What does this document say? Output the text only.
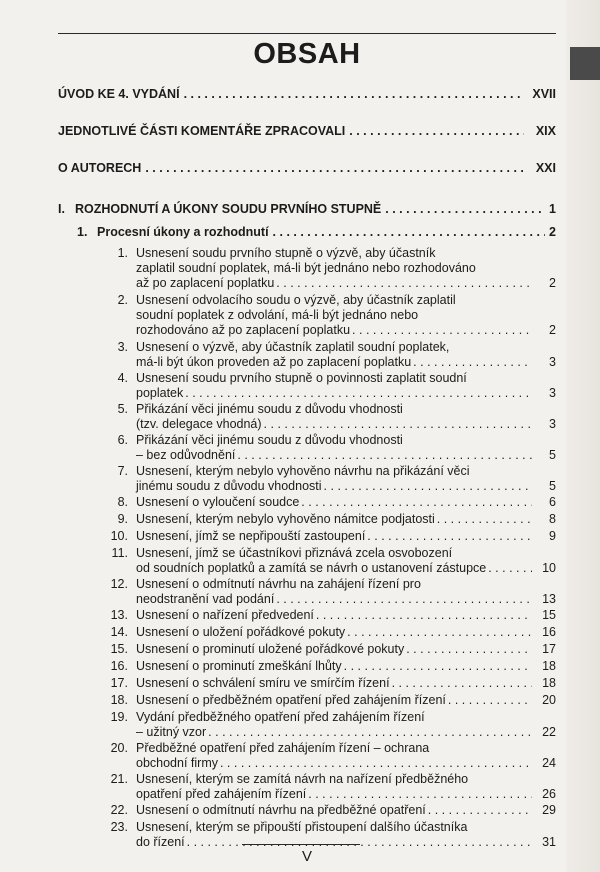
OBSAH
ÚVOD KE 4. VYDÁNÍ . . .	XVII
JEDNOTLIVÉ ČÁSTI KOMENTÁŘE ZPRACOVALI . . .	XIX
O AUTORECH . . .	XXI
I. ROZHODNUTÍ A ÚKONY SOUDU PRVNÍHO STUPNĚ . . .	1
1. Procesní úkony a rozhodnutí . . .	2
1. Usnesení soudu prvního stupně o výzvě, aby účastník
zaplatil soudní poplatek, má-li být jednáno nebo rozhodováno
až po zaplacení poplatku . . .	2
2. Usnesení odvolacího soudu o výzvě, aby účastník zaplatil
soudní poplatek z odvolání, má-li být jednáno nebo
rozhodováno až po zaplacení poplatku . . .	2
3. Usnesení o výzvě, aby účastník zaplatil soudní poplatek,
má-li být úkon proveden až po zaplacení poplatku . . .	3
4. Usnesení soudu prvního stupně o povinnosti zaplatit soudní
poplatek . . .	3
5. Přikázání věci jinému soudu z důvodu vhodnosti
(tzv. delegace vhodná) . . .	3
6. Přikázání věci jinému soudu z důvodu vhodnosti
– bez odůvodnění . . .	5
7. Usnesení, kterým nebylo vyhověno návrhu na přikázání věci
jinému soudu z důvodu vhodnosti . . .	5
8. Usnesení o vyloučení soudce . . .	6
9. Usnesení, kterým nebylo vyhověno námitce podjatosti . . .	8
10. Usnesení, jímž se nepřipouští zastoupení . . .	9
11. Usnesení, jímž se účastníkovi přiznává zcela osvobození
od soudních poplatků a zamítá se návrh o ustanovení zástupce . . .	10
12. Usnesení o odmítnutí návrhu na zahájení řízení pro
neodstranění vad podání . . .	13
13. Usnesení o nařízení předvedení . . .	15
14. Usnesení o uložení pořádkové pokuty . . .	16
15. Usnesení o prominutí uložené pořádkové pokuty . . .	17
16. Usnesení o prominutí zmeškání lhůty . . .	18
17. Usnesení o schválení smíru ve smírčím řízení . . .	18
18. Usnesení o předběžném opatření před zahájením řízení . . .	20
19. Vydání předběžného opatření před zahájením řízení
– užitný vzor . . .	22
20. Předběžné opatření před zahájením řízení – ochrana
obchodní firmy . . .	24
21. Usnesení, kterým se zamítá návrh na nařízení předběžného
opatření před zahájením řízení . . .	26
22. Usnesení o odmítnutí návrhu na předběžné opatření . . .	29
23. Usnesení, kterým se připouští přistoupení dalšího účastníka
do řízení . . .	31
V
